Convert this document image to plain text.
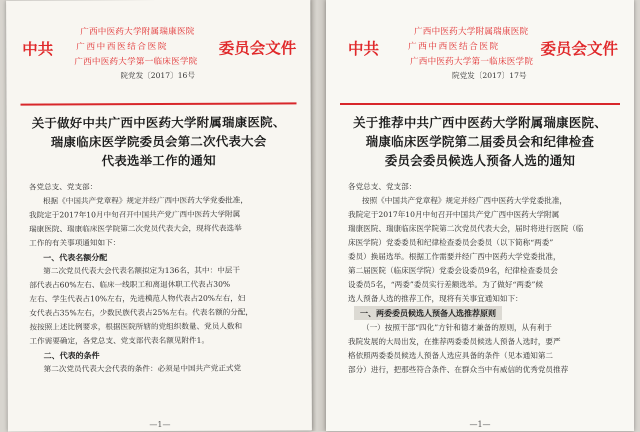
广西中医药大学附属瑞康医院
中共	广西中西医结合医院	委员会文件
广西中医药大学第一临床医学院
院党发〔2017〕16号
关于做好中共广西中医药大学附属瑞康医院、
瑞康临床医学院委员会第二次代表大会
代表选举工作的通知
各党总支、党支部：
根据《中国共产党章程》规定并经广西中医药大学党委批准，
我院定于2017年10月中旬召开中国共产党广西中医药大学附属
瑞康医院、瑞康临床医学院第二次党员代表大会，现将代表选举
工作的有关事项通知如下：
一、代表名额分配
第二次党员代表大会代表名额拟定为136名，其中：中层干
部代表占60%左右、临床一线职工和离退休职工代表占30%
左右、学生代表占10%左右，先进模范人物代表占20%左右，妇
女代表占35%左右，少数民族代表占25%左右。代表名额的分配，
按按照上述比例要求，根据医院所辖的党组织数量、党员人数和
工作需要确定，各党总支、党支部代表名额见附件1。
二、代表的条件
第二次党员代表大会代表的条件：必须是中国共产党正式党
—1—
广西中医药大学附属瑞康医院
中共	广西中西医结合医院	委员会文件
广西中医药大学第一临床医学院
院党发〔2017〕17号
关于推荐中共广西中医药大学附属瑞康医院、
瑞康临床医学院第二届委员会和纪律检查
委员会委员候选人预备人选的通知
各党总支、党支部：
按照《中国共产党章程》规定并经广西中医药大学党委批准，
我院定于2017年10月中旬召开中国共产党广西中医药大学附属
瑞康医院、瑞康临床医学院第二次党员代表大会，届时将进行医院（临
床医学院）党委委员和纪律检查委员会委员（以下简称“两委”
委员）换届选举。根据工作需要并经广西中医药大学党委批准，
第二届医院（临床医学院）党委会设委员9名，纪律检查委员会
设委员5名，“两委”委员实行差额选举。为了做好“两委”候
选人预备人选的推荐工作，现将有关事宜通知如下：
一、两委委员候选人预备人选推荐原则
（一）按照干部“四化”方针和德才兼备的原则，从有利于
我院发展的大局出发，在推荐两委委员候选人预备人选时，要严
格依照两委委员候选人预备人选应具备的条件（见本通知第二
部分）进行，把那些符合条件、在群众当中有威信的优秀党员推荐
—1—
